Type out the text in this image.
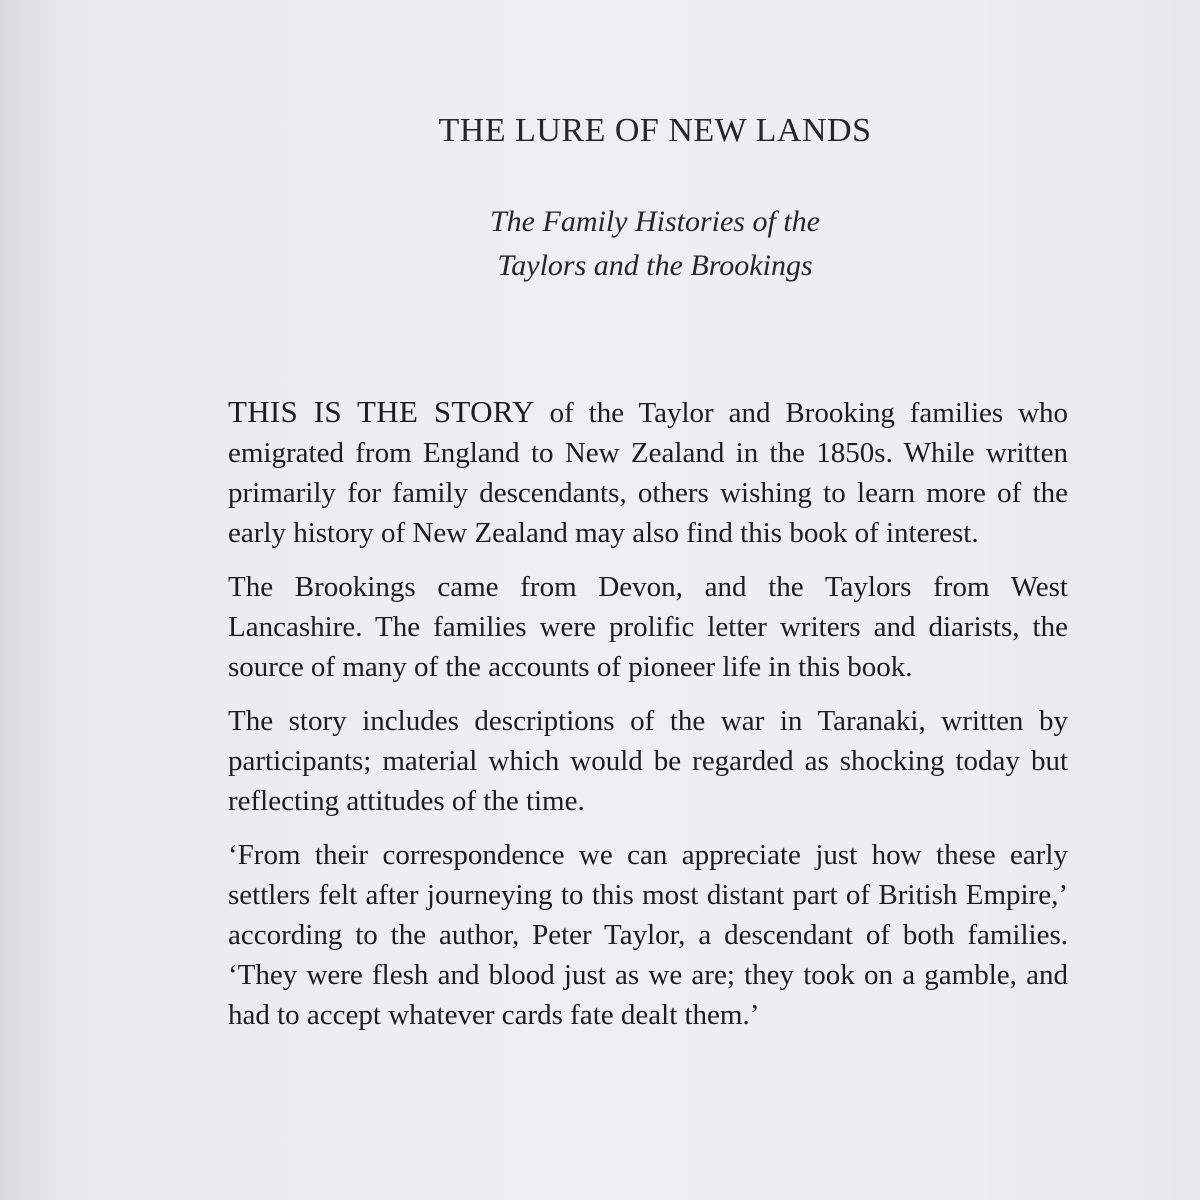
THE LURE OF NEW LANDS
The Family Histories of the
Taylors and the Brookings

THIS IS THE STORY of the Taylor and Brooking families who emigrated from England to New Zealand in the 1850s. While written primarily for family descendants, others wishing to learn more of the early history of New Zealand may also find this book of interest.

The Brookings came from Devon, and the Taylors from West Lancashire. The families were prolific letter writers and diarists, the source of many of the accounts of pioneer life in this book.

The story includes descriptions of the war in Taranaki, written by participants; material which would be regarded as shocking today but reflecting attitudes of the time.

‘From their correspondence we can appreciate just how these early settlers felt after journeying to this most distant part of British Empire,’ according to the author, Peter Taylor, a descendant of both families. ‘They were flesh and blood just as we are; they took on a gamble, and had to accept whatever cards fate dealt them.’
